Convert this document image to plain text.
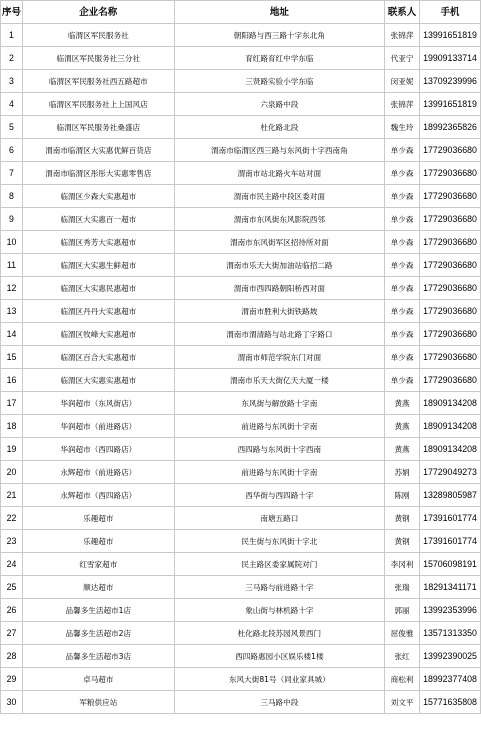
序号	企业名称	地址	联系人	手机
1	临渭区军民服务社	朝阳路与西三路十字东北角	张锦萍	13991651819
2	临渭区军民服务社三分社	育红路育红中学东临	代亚宁	19909133714
3	临渭区军民服务社西五路超市	三贤路实验小学东临	闵亚妮	13709239996
4	临渭区军民服务社上上国风店	六泉路中段	张锦萍	13991651819
5	临渭区军民服务社桑盛店	杜化路北段	魏生玲	18992365826
6	渭南市临渭区大实惠优鲜百货店	渭南市临渭区西三路与东风街十字西南角	单少森	17729036680
7	渭南市临渭区彤彤大实惠零售店	渭南市站北路火车站对面	单少森	17729036680
8	临渭区少森大实惠超市	渭南市民主路中段区委对面	单少森	17729036680
9	临渭区大实惠百一超市	渭南市东风街东风影院西邻	单少森	17729036680
10	临渭区秀芳大实惠超市	渭南市东风街军区招待所对面	单少森	17729036680
11	临渭区大实惠生鲜超市	渭南市乐天大街加油站临招二路	单少森	17729036680
12	临渭区大实惠民惠超市	渭南市西四路朝阳桥西对面	单少森	17729036680
13	临渭区丹丹大实惠超市	渭南市胜利大街铁路坡	单少森	17729036680
14	临渭区牧峰大实惠超市	渭南市渭清路与站北路丁字路口	单少森	17729036680
15	临渭区百合大实惠超市	渭南市师范学院东门对面	单少森	17729036680
16	临渭区大实惠实惠超市	渭南市乐天大街亿天大厦一楼	单少森	17729036680
17	华润超市（东风街店）	东风街与解放路十字南	黄燕	18909134208
18	华润超市（前进路店）	前进路与东风街十字南	黄燕	18909134208
19	华润超市（西四路店）	西四路与东风街十字西南	黄燕	18909134208
20	永辉超市（前进路店）	前进路与东风街十字南	苏娟	17729049273
21	永辉超市（西四路店）	西华街与西四路十字	陈刚	13289805987
22	乐趣超市	南塘五路口	黄钢	17391601774
23	乐趣超市	民生街与东风街十字北	黄钢	17391601774
24	红雪家超市	民主路区委家属院对门	李冈利	15706098191
25	顺达超市	三马路与前进路十字	张瑞	18291341171
26	品馨多生活超市1店	象山街与林机路十字	郭丽	13992353996
27	品馨多生活超市2店	杜化路北段苏园风景西门	屈俊雅	13571313350
28	品馨多生活超市3店	西四路惠园小区娱乐楼1楼	张红	13992390025
29	卓马超市	东风大街81号（同业家具城）	商松利	18992377408
30	军粮供应站	三马路中段	刘文平	15771635808
